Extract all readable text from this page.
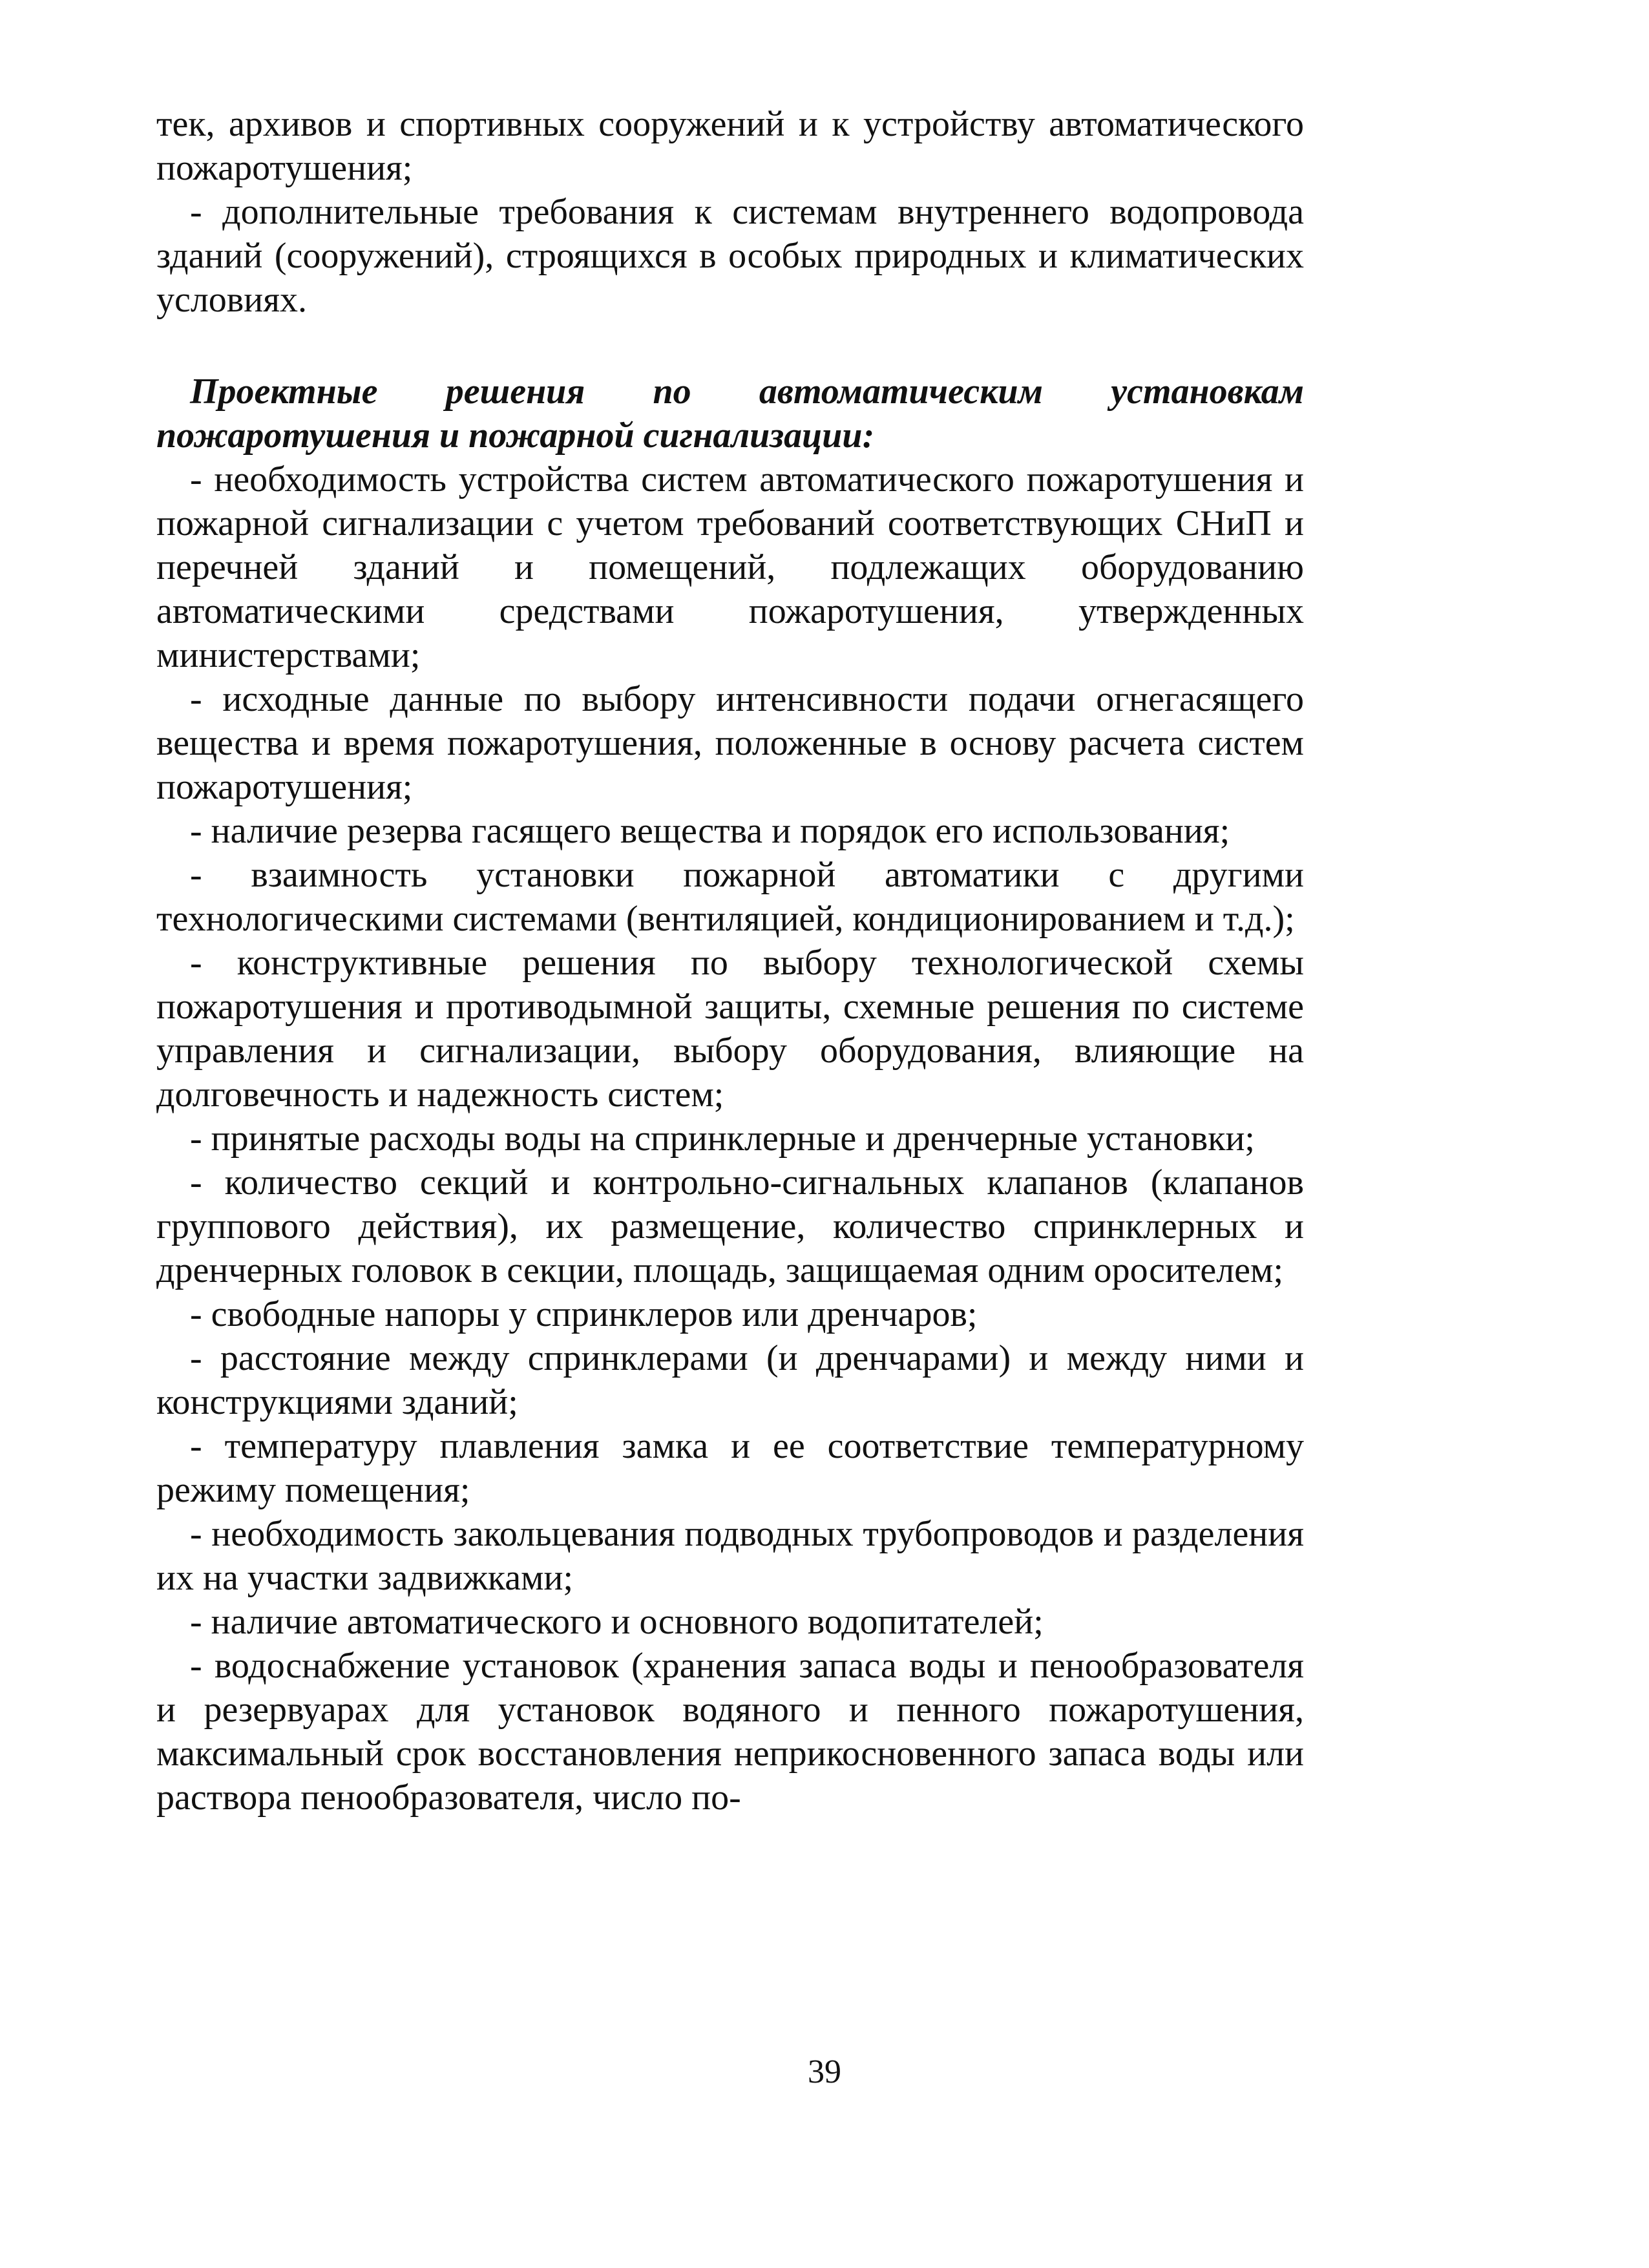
тек, архивов и спортивных сооружений и к устройству автоматического пожаротушения;

- дополнительные требования к системам внутреннего водопровода зданий (сооружений), строящихся в особых природных и климатических условиях.

Проектные решения по автоматическим установкам пожаротушения и пожарной сигнализации:

- необходимость устройства систем автоматического пожаротушения и пожарной сигнализации с учетом требований соответствующих СНиП и перечней зданий и помещений, подлежащих оборудованию автоматическими средствами пожаротушения, утвержденных министерствами;

- исходные данные по выбору интенсивности подачи огнегасящего вещества и время пожаротушения, положенные в основу расчета систем пожаротушения;

- наличие резерва гасящего вещества и порядок его использования;

- взаимность установки пожарной автоматики с другими технологическими системами (вентиляцией, кондиционированием и т.д.);

- конструктивные решения по выбору технологической схемы пожаротушения и противодымной защиты, схемные решения по системе управления и сигнализации, выбору оборудования, влияющие на долговечность и надежность систем;

- принятые расходы воды на спринклерные и дренчерные установки;

- количество секций и контрольно-сигнальных клапанов (клапанов группового действия), их размещение, количество спринклерных и дренчерных головок в секции, площадь, защищаемая одним оросителем;

- свободные напоры у спринклеров или дренчаров;

- расстояние между спринклерами (и дренчарами) и между ними и конструкциями зданий;

- температуру плавления замка и ее соответствие температурному режиму помещения;

- необходимость закольцевания подводных трубопроводов и разделения их на участки задвижками;

- наличие автоматического и основного водопитателей;

- водоснабжение установок (хранения запаса воды и пенообразователя и резервуарах для установок водяного и пенного пожаротушения, максимальный срок восстановления неприкосновенного запаса воды или раствора пенообразователя, число по-

39
